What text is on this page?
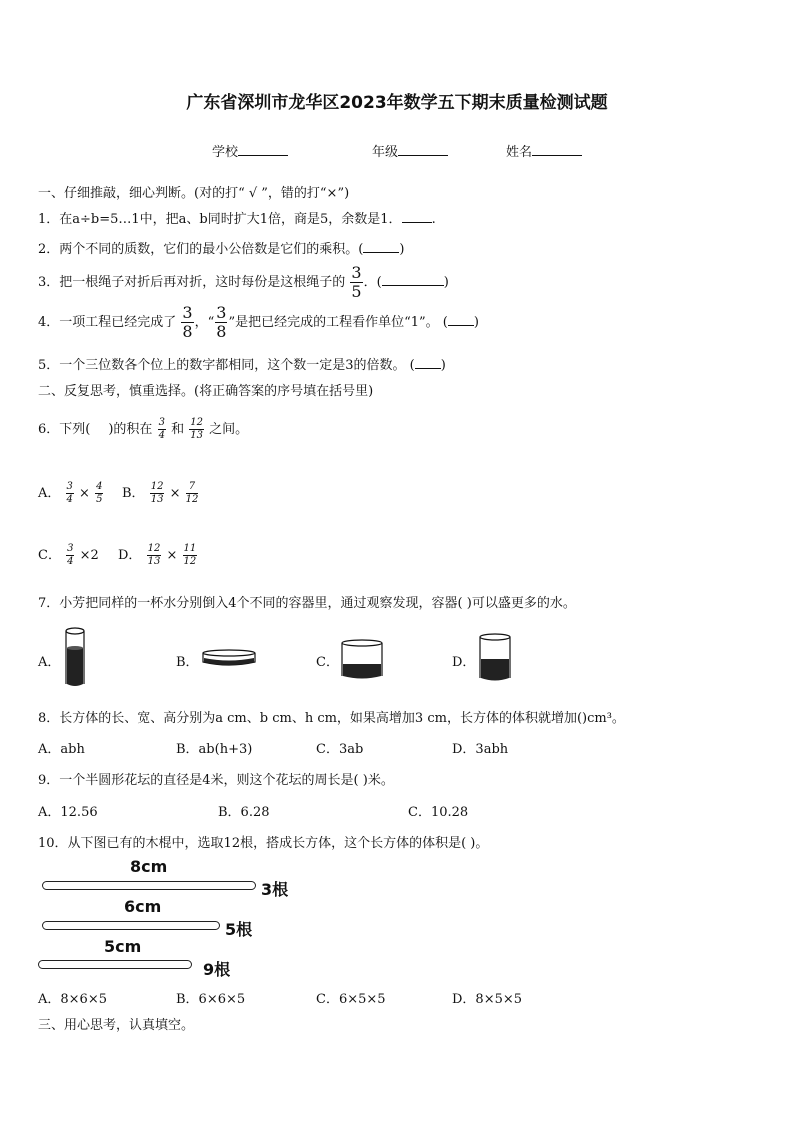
广东省深圳市龙华区2023年数学五下期末质量检测试题
学校	年级	姓名
一、仔细推敲，细心判断。(对的打“ √ ”，错的打“×”)
1．在a÷b=5…1中，把a、b同时扩大1倍，商是5，余数是1． .
2．两个不同的质数，它们的最小公倍数是它们的乘积。(	)
3．把一根绳子对折后再对折，这时每份是这根绳子的 $\frac{3}{5}$ ．(	)
4．一项工程已经完成了 $\frac{3}{8}$ ，“ $\frac{3}{8}$ ”是把已经完成的工程看作单位“1”。 ( )
5．一个三位数各个位上的数字都相同，这个数一定是3的倍数。 ( )
二、反复思考，慎重选择。(将正确答案的序号填在括号里)
6．下列( )的积在 $\frac{3}{4}$ 和 $\frac{12}{13}$ 之间。
A． $\frac{3}{4} \times \frac{4}{5}$ B． $\frac{12}{13} \times \frac{7}{12}$
C． $\frac{3}{4} \times 2$ D． $\frac{12}{13} \times \frac{11}{12}$
7．小芳把同样的一杯水分别倒入4个不同的容器里，通过观察发现，容器( )可以盛更多的水。
A．	B．	C．	D．
8．长方体的长、宽、高分别为a cm、b cm、h cm，如果高增加3 cm，长方体的体积就增加()cm³。
A．abh	B．ab(h+3)	C．3ab	D．3abh
9．一个半圆形花坛的直径是4米，则这个花坛的周长是( )米。
A．12.56	B．6.28	C．10.28
10．从下图已有的木棍中，选取12根，搭成长方体，这个长方体的体积是( )。
8cm
3根
6cm
5根
5cm
9根
A．8×6×5	B．6×6×5	C．6×5×5	D．8×5×5
三、用心思考，认真填空。
